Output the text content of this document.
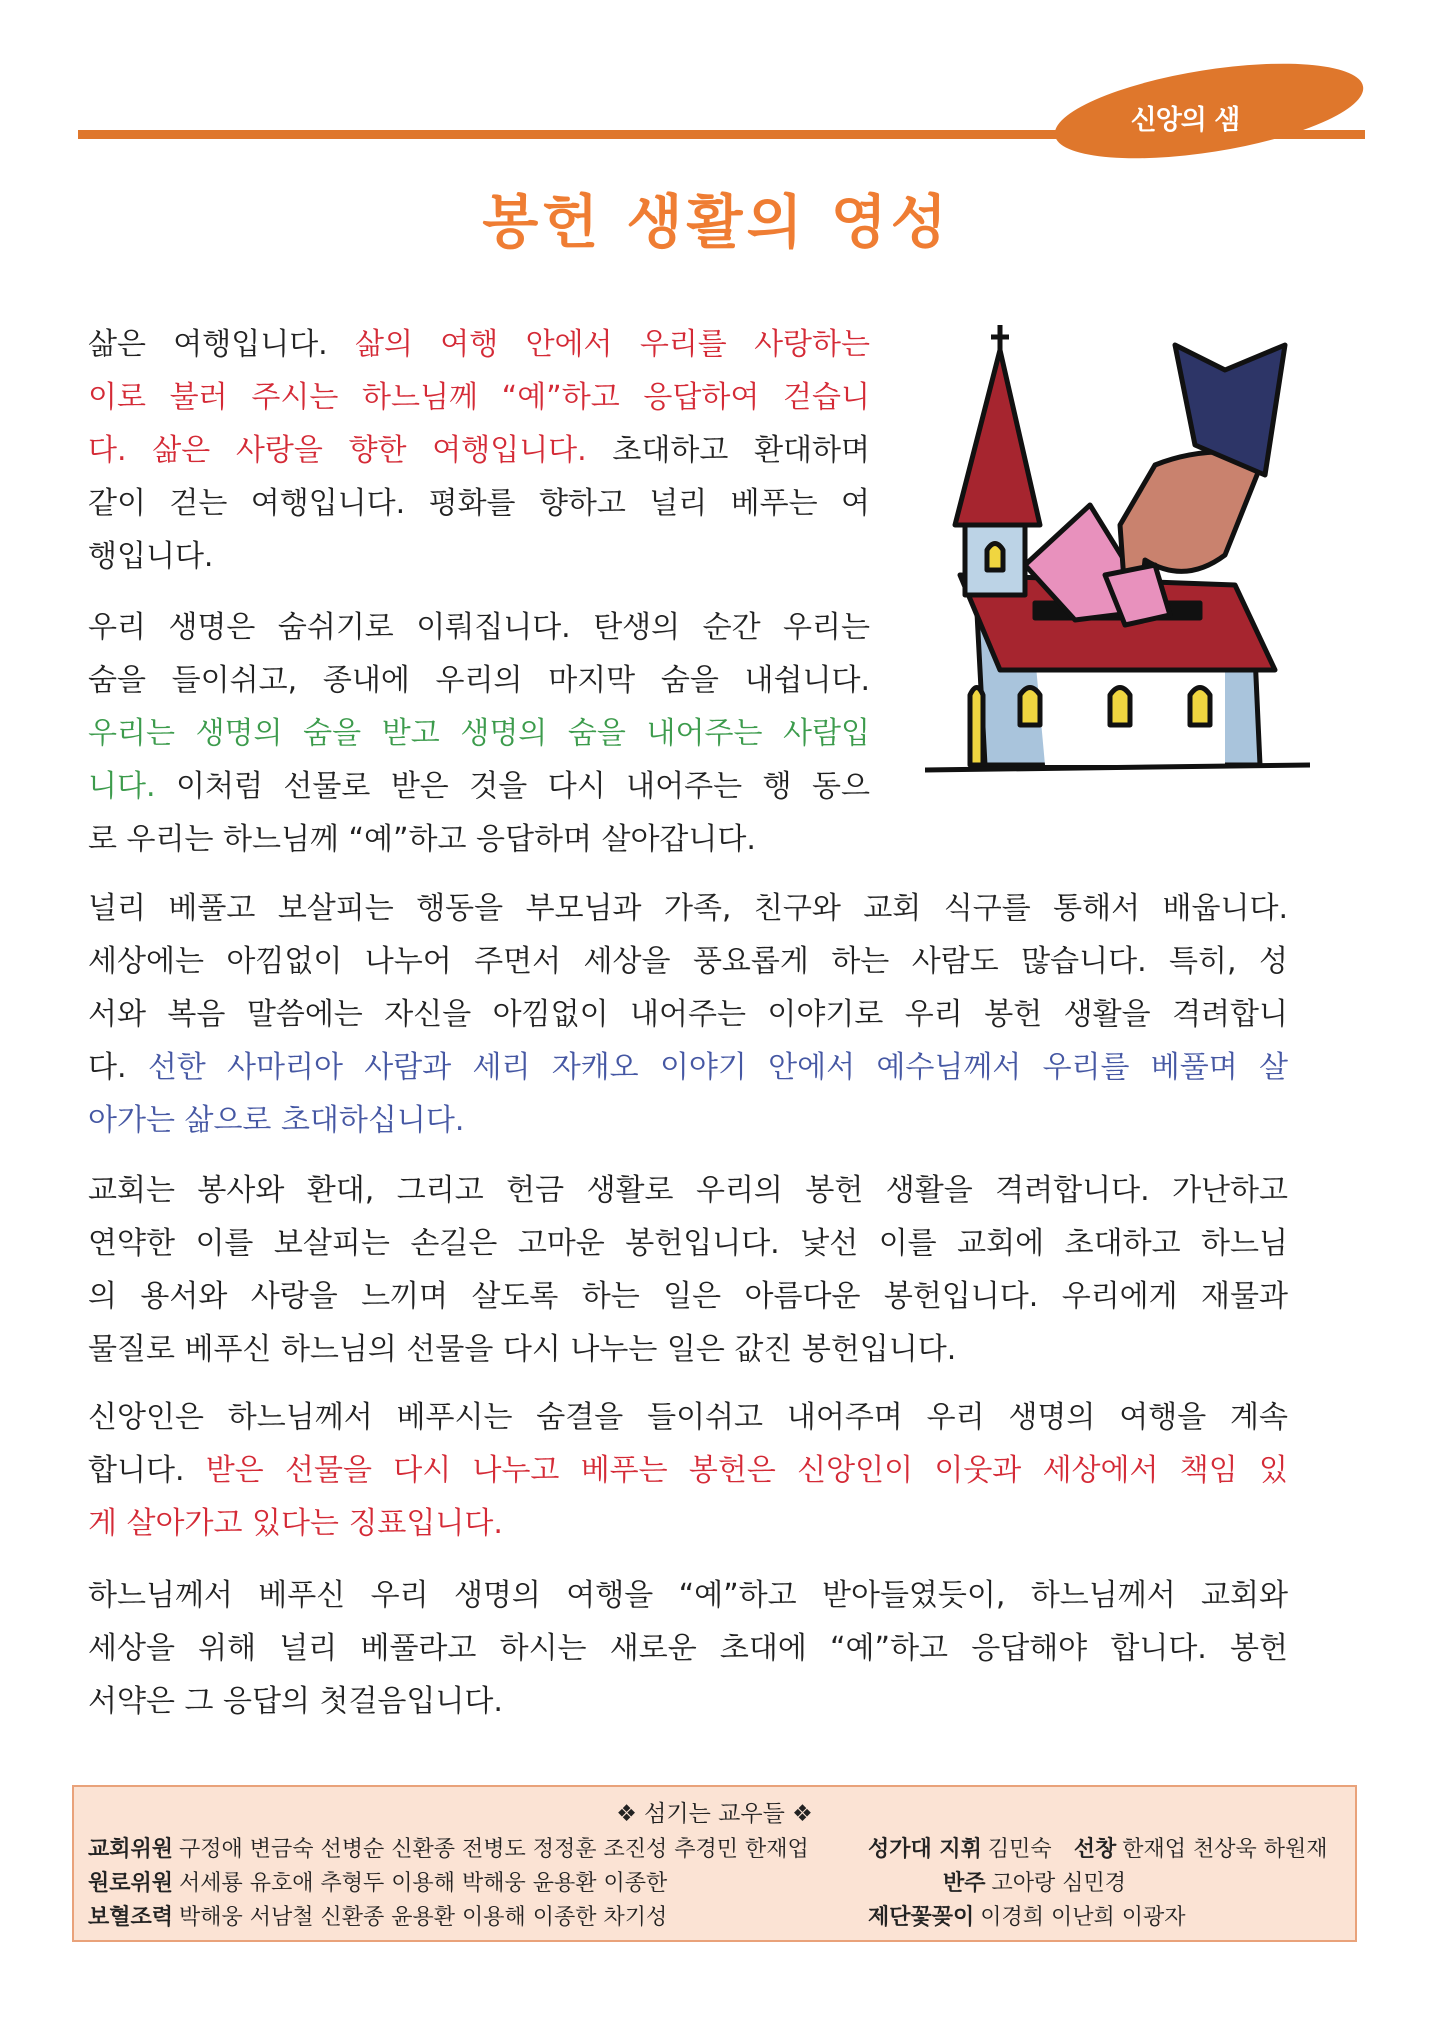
신앙의 샘
봉헌 생활의 영성
삶은 여행입니다. 삶의 여행 안에서 우리를 사랑하는
이로 불러 주시는 하느님께 “예”하고 응답하여 걷습니
다. 삶은 사랑을 향한 여행입니다. 초대하고 환대하며
같이 걷는 여행입니다. 평화를 향하고 널리 베푸는 여
행입니다.
우리 생명은 숨쉬기로 이뤄집니다. 탄생의 순간 우리는
숨을 들이쉬고, 종내에 우리의 마지막 숨을 내쉽니다.
우리는 생명의 숨을 받고 생명의 숨을 내어주는 사람입
니다. 이처럼 선물로 받은 것을 다시 내어주는 행 동으
로 우리는 하느님께 “예”하고 응답하며 살아갑니다.
널리 베풀고 보살피는 행동을 부모님과 가족, 친구와 교회 식구를 통해서 배웁니다.
세상에는 아낌없이 나누어 주면서 세상을 풍요롭게 하는 사람도 많습니다. 특히, 성
서와 복음 말씀에는 자신을 아낌없이 내어주는 이야기로 우리 봉헌 생활을 격려합니
다. 선한 사마리아 사람과 세리 자캐오 이야기 안에서 예수님께서 우리를 베풀며 살
아가는 삶으로 초대하십니다.
교회는 봉사와 환대, 그리고 헌금 생활로 우리의 봉헌 생활을 격려합니다. 가난하고
연약한 이를 보살피는 손길은 고마운 봉헌입니다. 낯선 이를 교회에 초대하고 하느님
의 용서와 사랑을 느끼며 살도록 하는 일은 아름다운 봉헌입니다. 우리에게 재물과
물질로 베푸신 하느님의 선물을 다시 나누는 일은 값진 봉헌입니다.
신앙인은 하느님께서 베푸시는 숨결을 들이쉬고 내어주며 우리 생명의 여행을 계속
합니다. 받은 선물을 다시 나누고 베푸는 봉헌은 신앙인이 이웃과 세상에서 책임 있
게 살아가고 있다는 징표입니다.
하느님께서 베푸신 우리 생명의 여행을 “예”하고 받아들였듯이, 하느님께서 교회와
세상을 위해 널리 베풀라고 하시는 새로운 초대에 “예”하고 응답해야 합니다. 봉헌
서약은 그 응답의 첫걸음입니다.
❖ 섬기는 교우들 ❖
교회위원 구정애 변금숙 선병순 신환종 전병도 정정훈 조진성 추경민 한재업
원로위원 서세룡 유호애 추형두 이용해 박해웅 윤용환 이종한
보혈조력 박해웅 서남철 신환종 윤용환 이용해 이종한 차기성
성가대 지휘 김민숙 선창 한재업 천상욱 하원재
반주 고아랑 심민경
제단꽃꽂이 이경희 이난희 이광자
